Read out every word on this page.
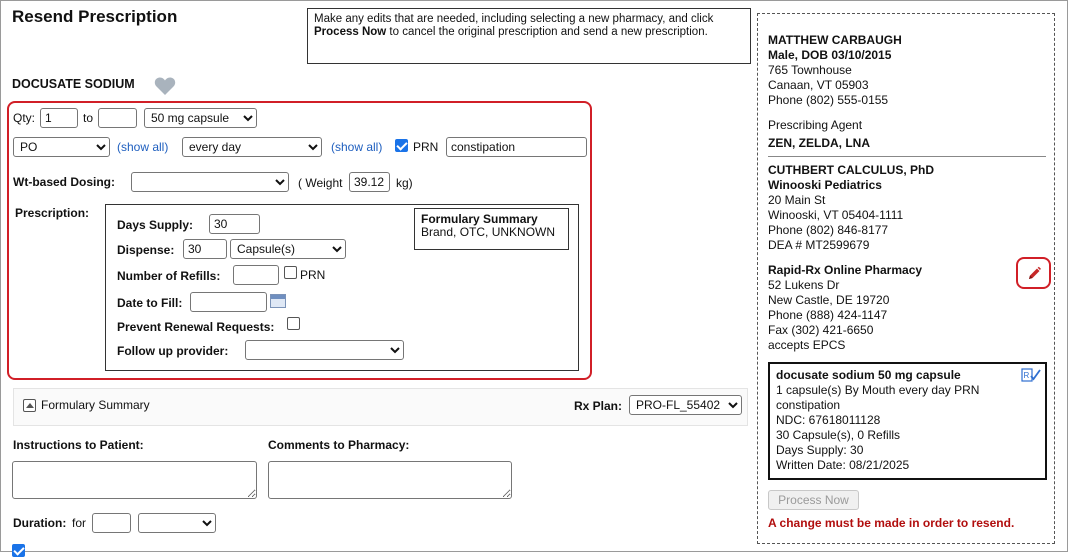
Resend Prescription	Make any edits that are needed, including selecting a new pharmacy, and click Process Now to cancel the original prescription and send a new prescription.
DOCUSATE SODIUM
Qty:
1	to
50 mg capsule
PO
(show all)
every day	(show all)	PRN
constipation
Wt-based Dosing:	( Weight
39.12	kg)
Prescription:
Days Supply:
30
Dispense:
30
Capsule(s)
Number of Refills:	PRN
Date to Fill:
Prevent Renewal Requests:
Follow up provider:
Formulary Summary
Brand, OTC, UNKNOWN
Formulary Summary	Rx Plan:
PRO-FL_55402
Instructions to Patient:	Comments to Pharmacy:
Duration: for
MATTHEW CARBAUGH
Male, DOB 03/10/2015
765 Townhouse
Canaan, VT 05903
Phone (802) 555-0155
Prescribing Agent
ZEN, ZELDA, LNA
CUTHBERT CALCULUS, PhD
Winooski Pediatrics
20 Main St
Winooski, VT 05404-1111
Phone (802) 846-8177
DEA # MT2599679
Rapid-Rx Online Pharmacy
52 Lukens Dr
New Castle, DE 19720
Phone (888) 424-1147
Fax (302) 421-6650
accepts EPCS
docusate sodium 50 mg capsule
1 capsule(s) By Mouth every day PRN
constipation
NDC: 67618011128
30 Capsule(s), 0 Refills
Days Supply: 30
Written Date: 08/21/2025
R
Process Now
A change must be made in order to resend.
